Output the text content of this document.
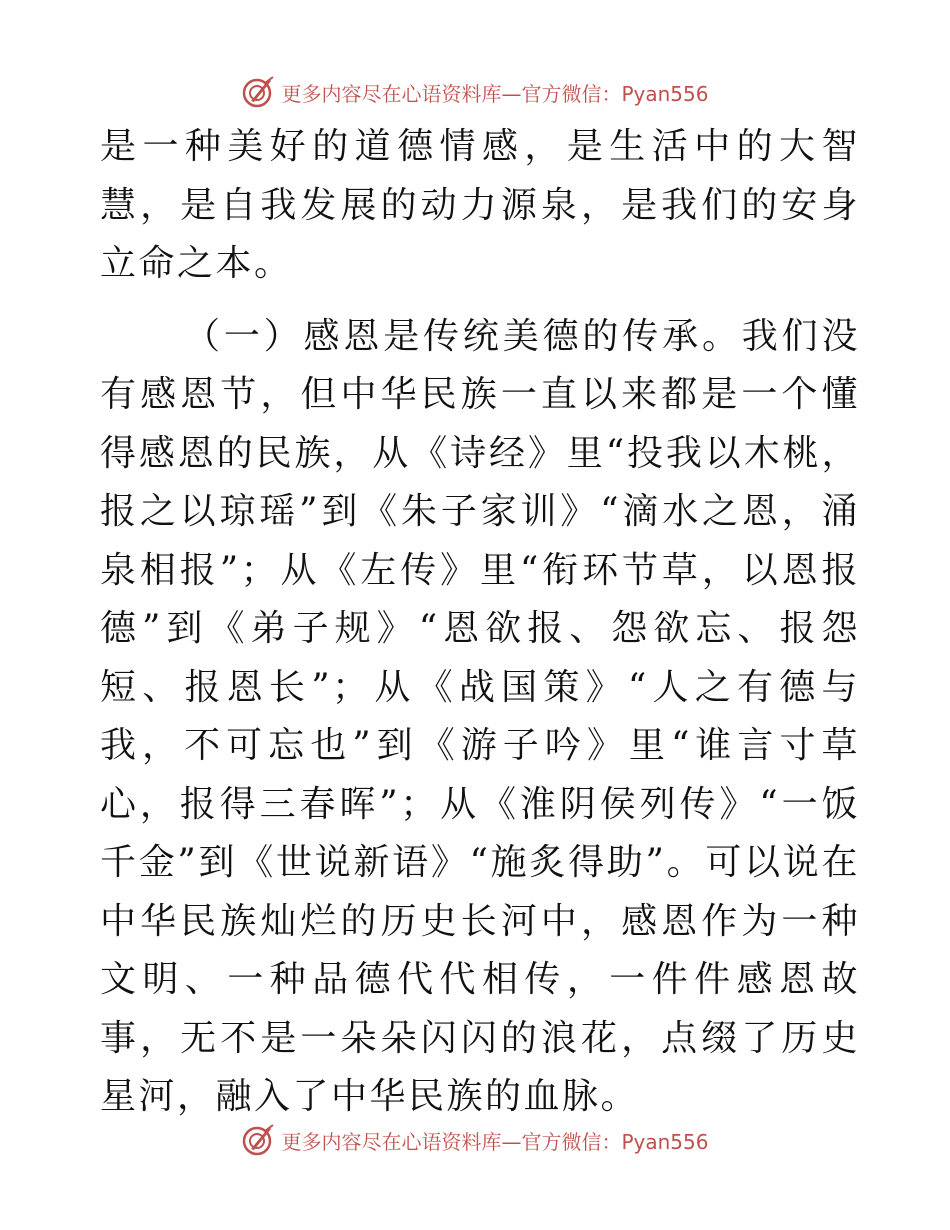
更多内容尽在心语资料库—官方微信：Pyan556

是一种美好的道德情感，是生活中的大智慧，是自我发展的动力源泉，是我们的安身立命之本。

（一）感恩是传统美德的传承。我们没有感恩节，但中华民族一直以来都是一个懂得感恩的民族，从《诗经》里“投我以木桃，报之以琼瑶”到《朱子家训》“滴水之恩，涌泉相报”；从《左传》里“衔环节草，以恩报德”到《弟子规》“恩欲报、怨欲忘、报怨短、报恩长”；从《战国策》“人之有德与我，不可忘也”到《游子吟》里“谁言寸草心，报得三春晖”；从《淮阴侯列传》“一饭千金”到《世说新语》“施炙得助”。可以说在中华民族灿烂的历史长河中，感恩作为一种文明、一种品德代代相传，一件件感恩故事，无不是一朵朵闪闪的浪花，点缀了历史星河，融入了中华民族的血脉。

更多内容尽在心语资料库—官方微信：Pyan556
